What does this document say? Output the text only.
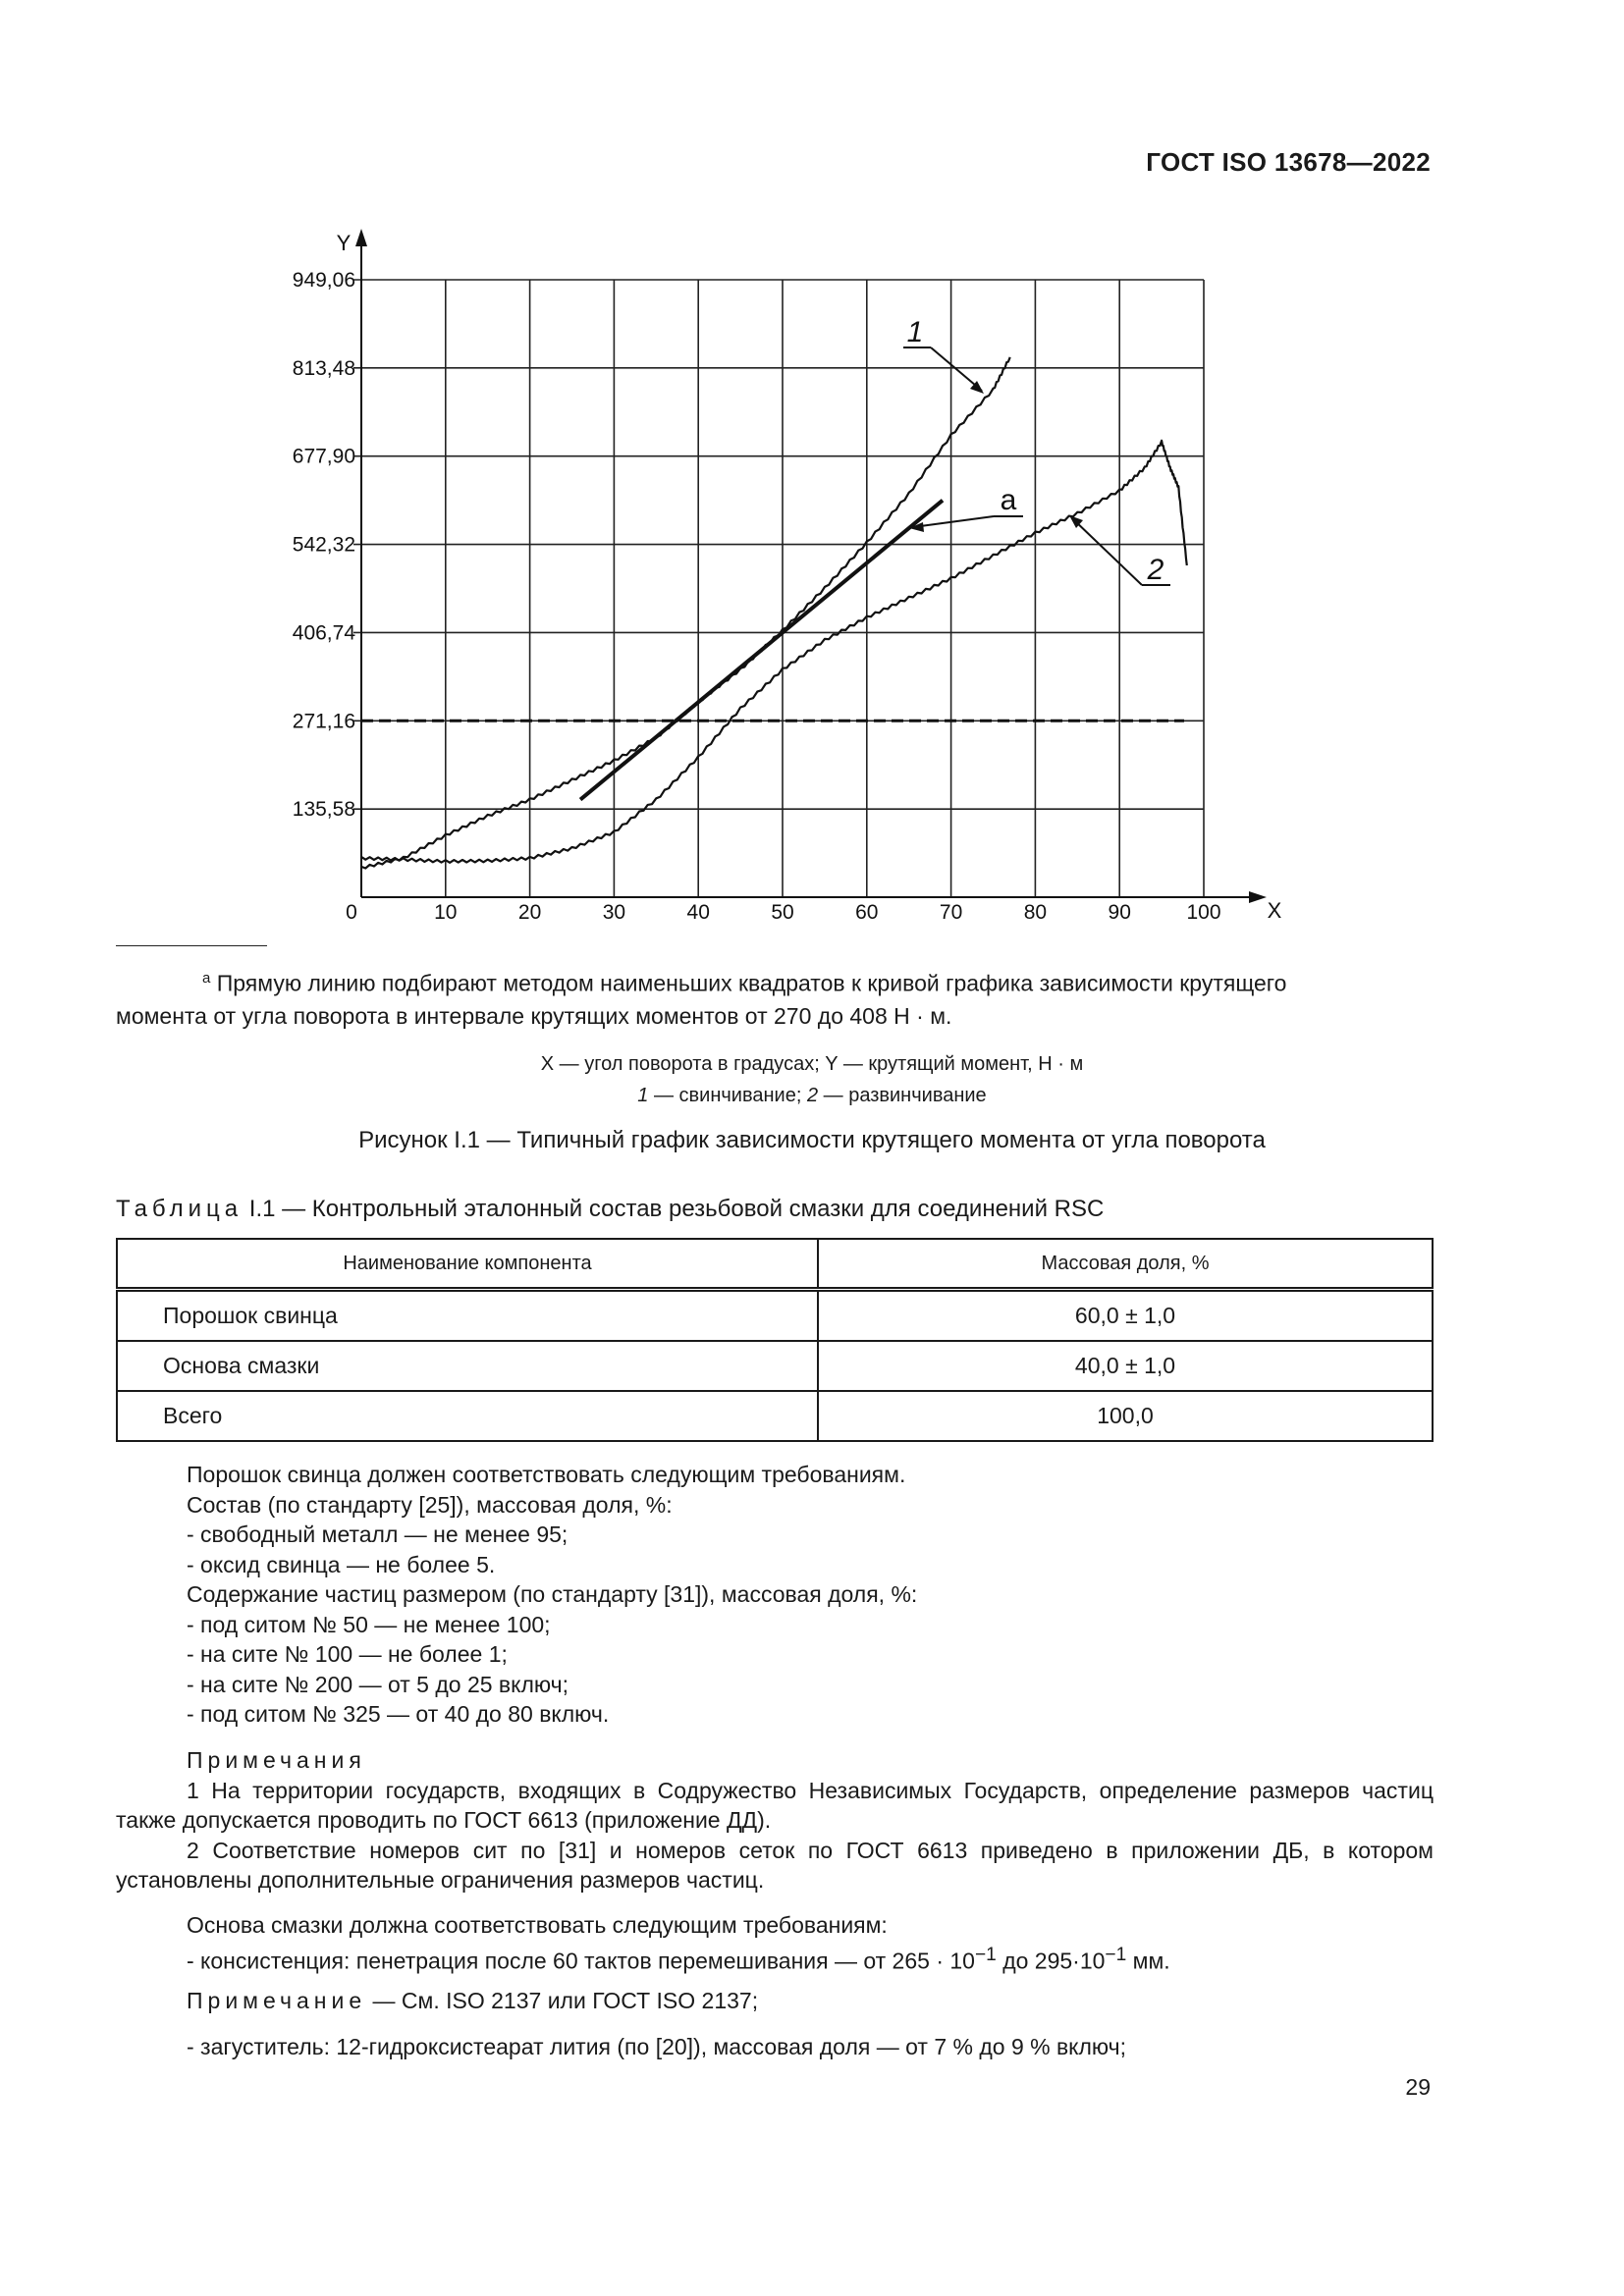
ГОСТ ISO 13678—2022
X
Y
0	10	20	30	40	50	60	70	80	90	100
135,58
271,16
406,74
542,32
677,90
813,48
949,06
1
a
2
$^a$ Прямую линию подбирают методом наименьших квадратов к кривой графика зависимости крутящего момента от угла поворота в интервале крутящих моментов от 270 до 408 Н · м.
X — угол поворота в градусах; Y — крутящий момент, Н · м
1 — свинчивание; 2 — развинчивание
Рисунок I.1 — Типичный график зависимости крутящего момента от угла поворота
Таблица I.1 — Контрольный эталонный состав резьбовой смазки для соединений RSC
Наименование компонента	Массовая доля, %
Порошок свинца	60,0 ± 1,0
Основа смазки	40,0 ± 1,0
Всего	100,0

Порошок свинца должен соответствовать следующим требованиям.

Состав (по стандарту [25]), массовая доля, %:

- свободный металл — не менее 95;

- оксид свинца — не более 5.

Содержание частиц размером (по стандарту [31]), массовая доля, %:

- под ситом № 50 — не менее 100;

- на сите № 100 — не более 1;

- на сите № 200 — от 5 до 25 включ;

- под ситом № 325 — от 40 до 80 включ.

Примечания

1 На территории государств, входящих в Содружество Независимых Государств, определение размеров частиц также допускается проводить по ГОСТ 6613 (приложение ДД).

2 Соответствие номеров сит по [31] и номеров сеток по ГОСТ 6613 приведено в приложении ДБ, в котором установлены дополнительные ограничения размеров частиц.

Основа смазки должна соответствовать следующим требованиям:

- консистенция: пенетрация после 60 тактов перемешивания — от $265 \cdot 10^{-1}$ до $295\cdot 10^{-1}$ мм.

Примечание — См. ISO 2137 или ГОСТ ISO 2137;

- загуститель: 12-гидроксистеарат лития (по [20]), массовая доля — от 7 % до 9 % включ;

29
